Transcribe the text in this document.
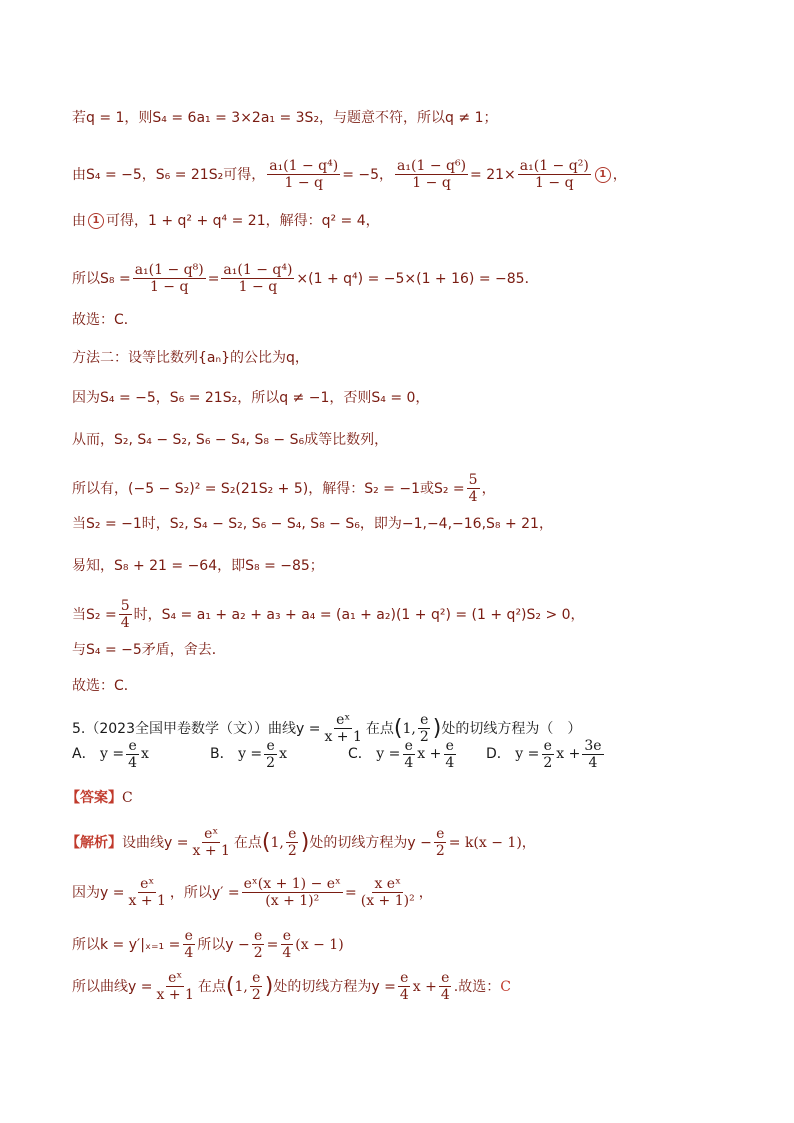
若q = 1，则S₄ = 6a₁ = 3×2a₁ = 3S₂，与题意不符，所以q ≠ 1；
由S₄ = −5，S₆ = 21S₂可得， $\frac{\text{a₁(1 − q⁴)}}{1 - q} = -5$， $\frac{\text{a₁(1 − q⁶)}}{1 - q} = 21\times \frac{\text{a₁(1 − q²)}}{1 - q} 1$ ，
由 1 可得，1 + q² + q⁴ = 21，解得：q² = 4，
所以$S_8 = \frac{\text{a₁(1 − q⁸)}}{1 - q} = \frac{\text{a₁(1 − q⁴)}}{1 - q} \times(1 + q^4) = -5\times(1 + 16) = -85$．
故选：C．
方法二：设等比数列{aₙ}的公比为q，
因为S₄ = −5，S₆ = 21S₂，所以q ≠ −1，否则S₄ = 0，
从而，S₂, S₄ − S₂, S₆ − S₄, S₈ − S₆成等比数列，
所以有，(−5 − S₂)² = S₂(21S₂ + 5)，解得：S₂ = −1或$S_2 = \frac{5}{4}$ ，
当S₂ = −1时，S₂, S₄ − S₂, S₆ − S₄, S₈ − S₆，即为−1,−4,−16,S₈ + 21，
易知，S₈ + 21 = −64，即S₈ = −85；
当$S_2 = \frac{5}{4}$ 时，S₄ = a₁ + a₂ + a₃ + a₄ = (a₁ + a₂)(1 + q²) = (1 + q²)S₂ > 0，
与S₄ = −5矛盾，舍去．
故选：C．
5.（2023全国甲卷数学（文））曲线$y = \frac{\text{eˣ}}{x + 1}$ 在点 ( 1, $\frac{e}{2}$ ) 处的切线方程为（　）
A．
$y = \frac{e}{4}$ x	B．
$y = \frac{e}{2}$ x	C．
$y = \frac{e}{4}$ $x + \frac{e}{4}$ D．
$y = \frac{e}{2}$ $x + \frac{3e}{4}$
【答案】 C
【解析】 设曲线$y = \frac{\text{eˣ}}{x + 1}$ 在点 ( 1, $\frac{e}{2}$ ) 处的切线方程为$y - \frac{e}{2} = k(x - 1)$，
因为$y = \frac{\text{eˣ}}{x + 1}$ ，所以$y' = \frac{\text{eˣ(x + 1) − eˣ}}{\text{(x + 1)²}} = \frac{\text{x eˣ}}{\text{(x + 1)²}}$ ，
所以$k = y'|_{x=1} = \frac{e}{4}$ 所以$y - \frac{e}{2} = \frac{e}{4} (x - 1)$
所以曲线$y = \frac{\text{eˣ}}{x + 1}$ 在点 ( 1, $\frac{e}{2}$ ) 处的切线方程为$y = \frac{e}{4}$ $x + \frac{e}{4}$ .故选： C
